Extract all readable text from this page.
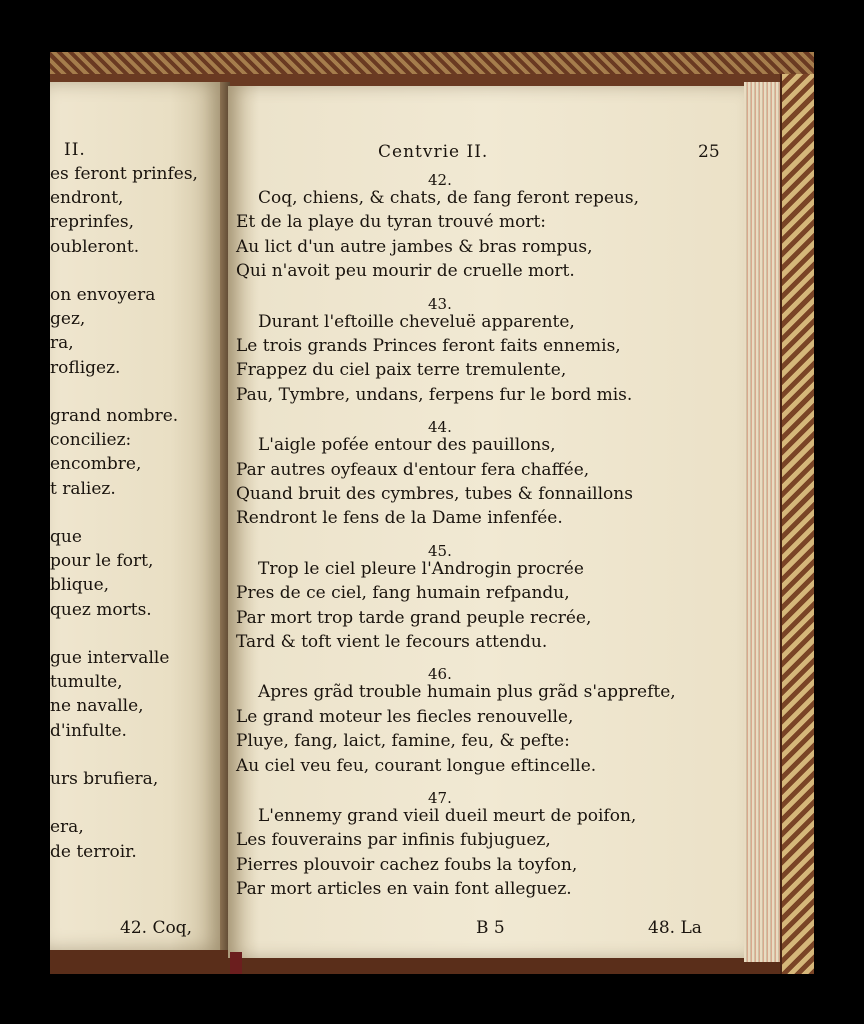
II.
es feront prinfes,
endront,
reprinfes,
oubleront.
on envoyera
gez,
ra,
rofligez.
grand nombre.
conciliez:
encombre,
t raliez.
que
pour le fort,
blique,
quez morts.
gue intervalle
tumulte,
ne navalle,
d'infulte.
urs brufiera,
era,
de terroir.
42. Coq,
Centvrie II.	25
42.
Coq, chiens, & chats, de fang feront repeus,
Et de la playe du tyran trouvé mort:
Au lict d'un autre jambes & bras rompus,
Qui n'avoit peu mourir de cruelle mort.
43.
Durant l'eftoille cheveluë apparente,
Le trois grands Princes feront faits ennemis,
Frappez du ciel paix terre tremulente,
Pau, Tymbre, undans, ferpens fur le bord mis.
44.
L'aigle pofée entour des pauillons,
Par autres oyfeaux d'entour fera chaffée,
Quand bruit des cymbres, tubes & fonnaillons
Rendront le fens de la Dame infenfée.
45.
Trop le ciel pleure l'Androgin procrée
Pres de ce ciel, fang humain refpandu,
Par mort trop tarde grand peuple recrée,
Tard & toft vient le fecours attendu.
46.
Apres grãd trouble humain plus grãd s'apprefte,
Le grand moteur les fiecles renouvelle,
Pluye, fang, laict, famine, feu, & pefte:
Au ciel veu feu, courant longue eftincelle.
47.
L'ennemy grand vieil dueil meurt de poifon,
Les fouverains par infinis fubjuguez,
Pierres plouvoir cachez foubs la toyfon,
Par mort articles en vain font alleguez.
B 5	48. La
